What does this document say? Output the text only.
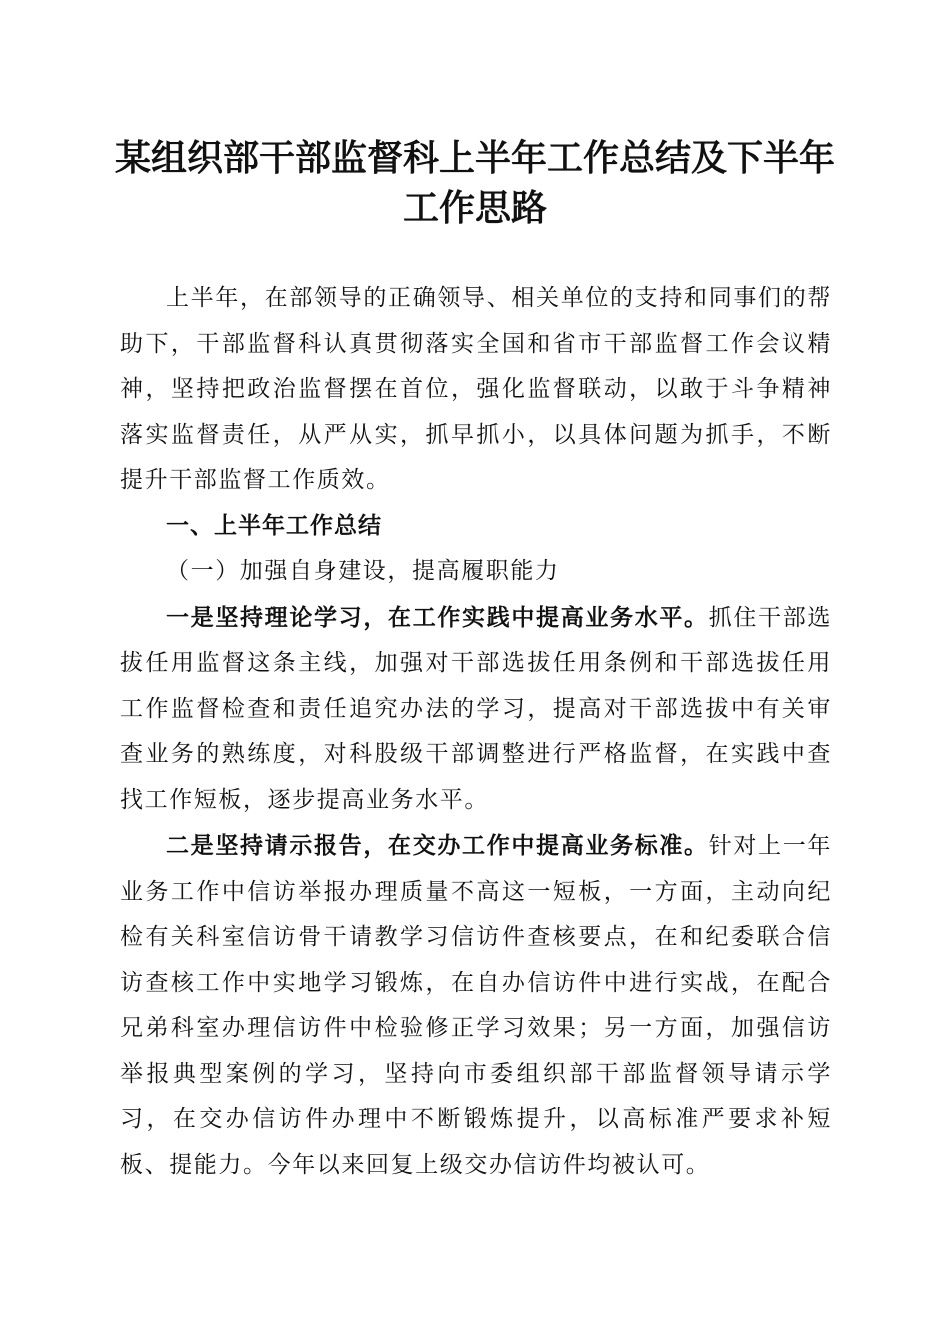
某组织部干部监督科上半年工作总结及下半年工作思路

上半年，在部领导的正确领导、相关单位的支持和同事们的帮助下，干部监督科认真贯彻落实全国和省市干部监督工作会议精神，坚持把政治监督摆在首位，强化监督联动，以敢于斗争精神落实监督责任，从严从实，抓早抓小，以具体问题为抓手，不断提升干部监督工作质效。

一、上半年工作总结

（一）加强自身建设，提高履职能力

一是坚持理论学习，在工作实践中提高业务水平。抓住干部选拔任用监督这条主线，加强对干部选拔任用条例和干部选拔任用工作监督检查和责任追究办法的学习，提高对干部选拔中有关审查业务的熟练度，对科股级干部调整进行严格监督，在实践中查找工作短板，逐步提高业务水平。

二是坚持请示报告，在交办工作中提高业务标准。针对上一年业务工作中信访举报办理质量不高这一短板，一方面，主动向纪检有关科室信访骨干请教学习信访件查核要点，在和纪委联合信访查核工作中实地学习锻炼，在自办信访件中进行实战，在配合兄弟科室办理信访件中检验修正学习效果；另一方面，加强信访举报典型案例的学习，坚持向市委组织部干部监督领导请示学习，在交办信访件办理中不断锻炼提升，以高标准严要求补短板、提能力。今年以来回复上级交办信访件均被认可。
